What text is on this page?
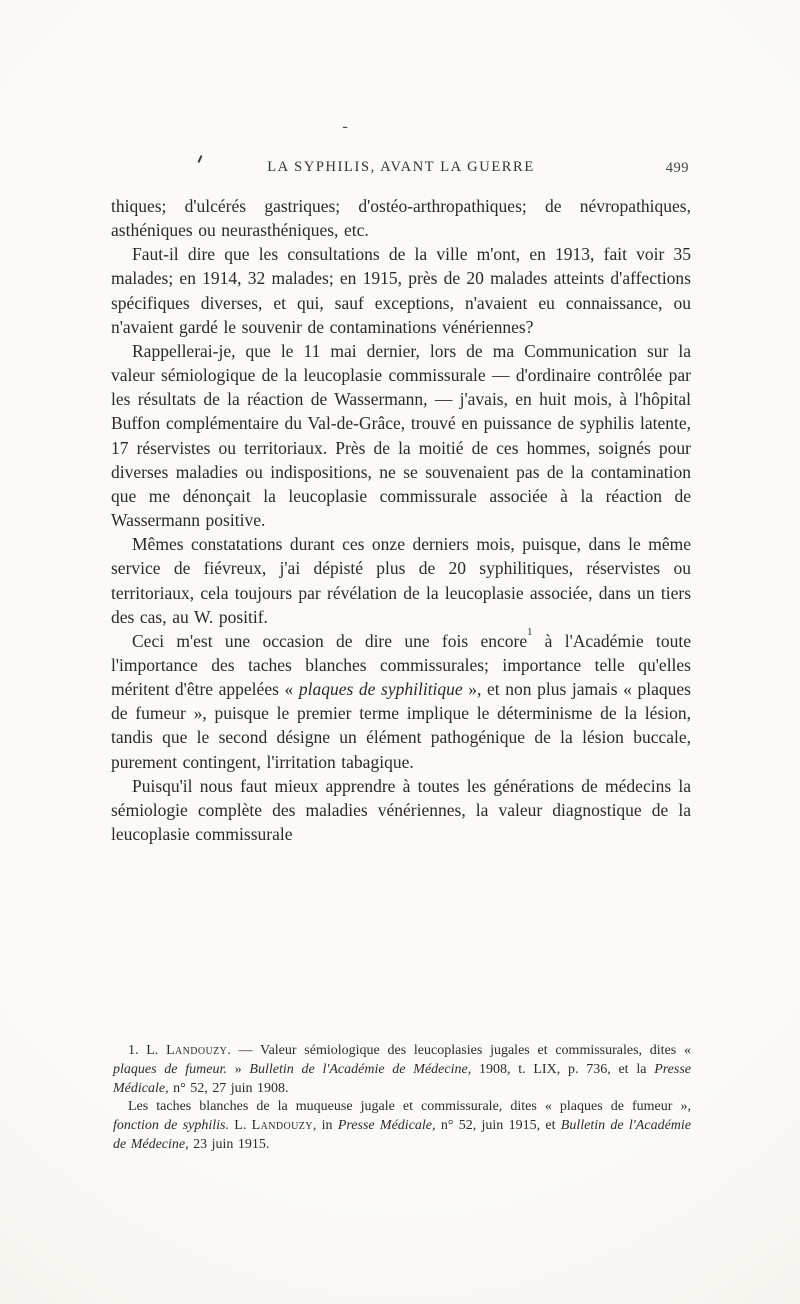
-
LA SYPHILIS, AVANT LA GUERRE	499

thiques; d'ulcérés gastriques; d'ostéo-arthropathiques; de névropathiques, asthéniques ou neurasthéniques, etc.

Faut-il dire que les consultations de la ville m'ont, en 1913, fait voir 35 malades; en 1914, 32 malades; en 1915, près de 20 malades atteints d'affections spécifiques diverses, et qui, sauf exceptions, n'avaient eu connaissance, ou n'avaient gardé le souvenir de contaminations vénériennes?

Rappellerai-je, que le 11 mai dernier, lors de ma Communication sur la valeur sémiologique de la leucoplasie commissurale — d'ordinaire contrôlée par les résultats de la réaction de Wassermann, — j'avais, en huit mois, à l'hôpital Buffon complémentaire du Val-de-Grâce, trouvé en puissance de syphilis latente, 17 réservistes ou territoriaux. Près de la moitié de ces hommes, soignés pour diverses maladies ou indispositions, ne se souvenaient pas de la contamination que me dénonçait la leucoplasie commissurale associée à la réaction de Wassermann positive.

Mêmes constatations durant ces onze derniers mois, puisque, dans le même service de fiévreux, j'ai dépisté plus de 20 syphilitiques, réservistes ou territoriaux, cela toujours par révélation de la leucoplasie associée, dans un tiers des cas, au W. positif.

Ceci m'est une occasion de dire une fois encore$^1$ à l'Académie toute l'importance des taches blanches commissurales; importance telle qu'elles méritent d'être appelées « plaques de syphilitique », et non plus jamais « plaques de fumeur », puisque le premier terme implique le déterminisme de la lésion, tandis que le second désigne un élément pathogénique de la lésion buccale, purement contingent, l'irritation tabagique.

Puisqu'il nous faut mieux apprendre à toutes les générations de médecins la sémiologie complète des maladies vénériennes, la valeur diagnostique de la leucoplasie commissurale

1. L. Landouzy. — Valeur sémiologique des leucoplasies jugales et commissurales, dites « plaques de fumeur. » Bulletin de l'Académie de Médecine, 1908, t. LIX, p. 736, et la Presse Médicale, n° 52, 27 juin 1908.

Les taches blanches de la muqueuse jugale et commissurale, dites « plaques de fumeur », fonction de syphilis. L. Landouzy, in Presse Médicale, n° 52, juin 1915, et Bulletin de l'Académie de Médecine, 23 juin 1915.
